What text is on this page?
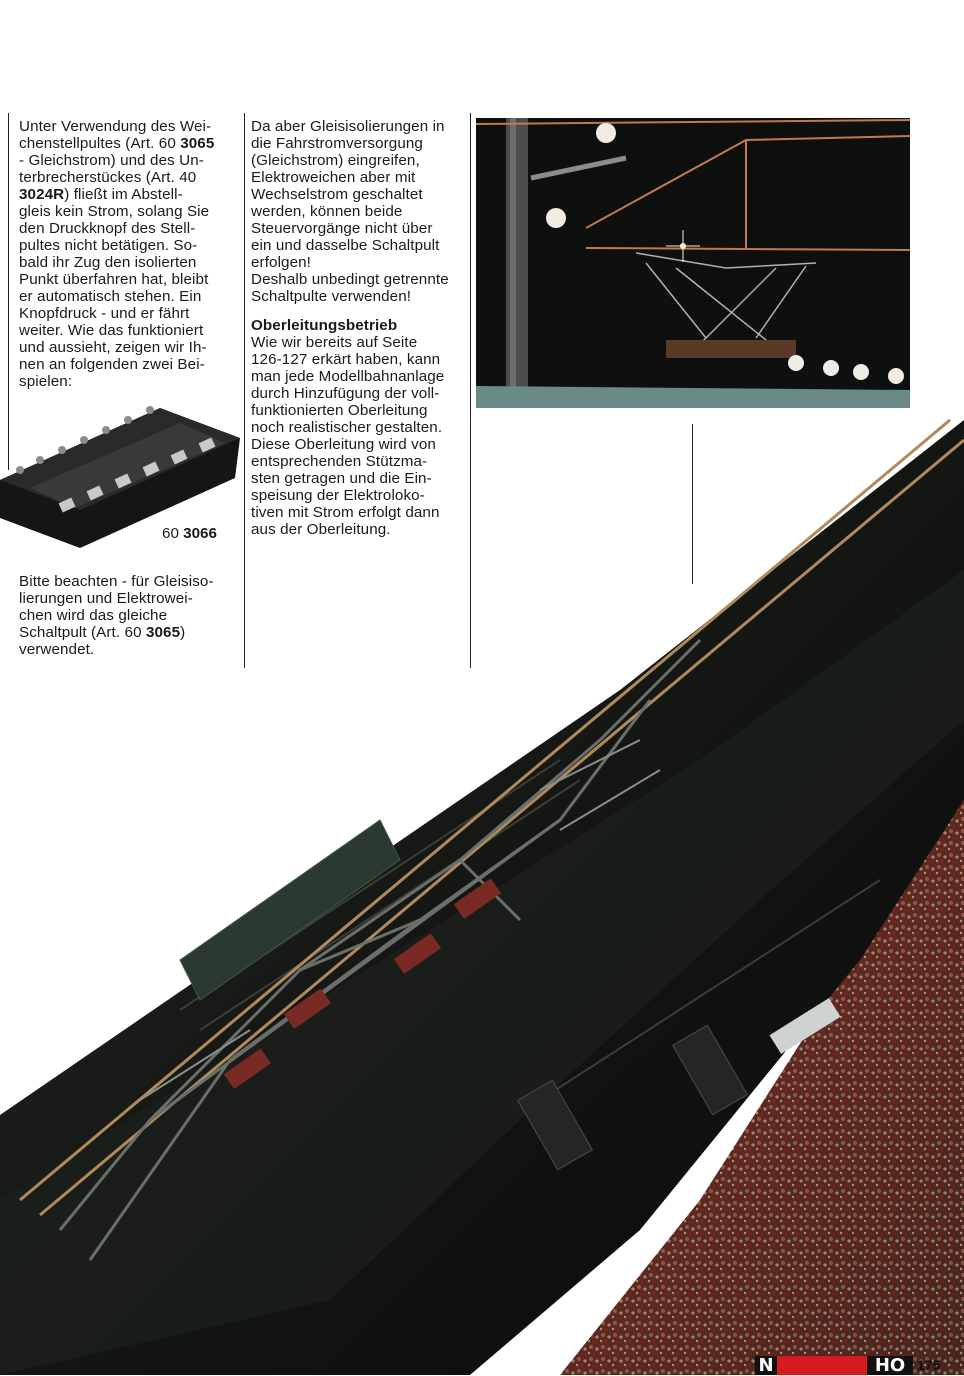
Unter Verwendung des Wei-

chenstellpultes (Art. 60 3065

- Gleichstrom) und des Un-

terbrecherstückes (Art. 40

3024R) fließt im Abstell-

gleis kein Strom, solang Sie

den Druckknopf des Stell-

pultes nicht betätigen. So-

bald ihr Zug den isolierten

Punkt überfahren hat, bleibt

er automatisch stehen. Ein

Knopfdruck - und er fährt

weiter. Wie das funktioniert

und aussieht, zeigen wir Ih-

nen an folgenden zwei Bei-

spielen:

60 3066

Bitte beachten - für Gleisiso-

lierungen und Elektrowei-

chen wird das gleiche

Schaltpult (Art. 60 3065)

verwendet.

Da aber Gleisisolierungen in

die Fahrstromversorgung

(Gleichstrom) eingreifen,

Elektroweichen aber mit

Wechselstrom geschaltet

werden, können beide

Steuervorgänge nicht über

ein und dasselbe Schaltpult

erfolgen!

Deshalb unbedingt getrennte

Schaltpulte verwenden!

Oberleitungsbetrieb

Wie wir bereits auf Seite

126-127 erkärt haben, kann

man jede Modellbahnanlage

durch Hinzufügung der voll-

funktionierten Oberleitung

noch realistischer gestalten.

Diese Oberleitung wird von

entsprechenden Stützma-

sten getragen und die Ein-

speisung der Elektroloko-

tiven mit Strom erfolgt dann

aus der Oberleitung.

N	HO 175
